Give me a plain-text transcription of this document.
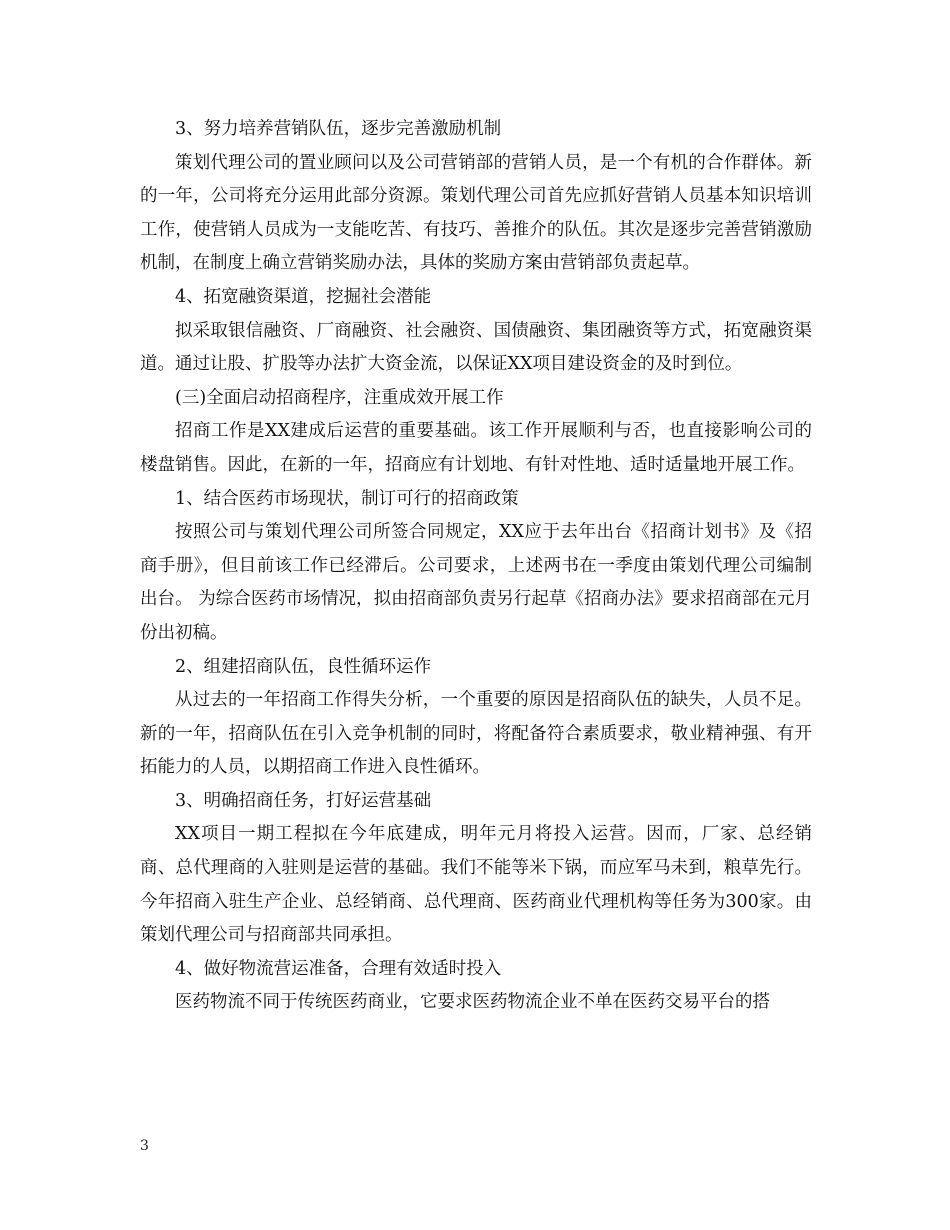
3、努力培养营销队伍，逐步完善激励机制

策划代理公司的置业顾问以及公司营销部的营销人员，是一个有机的合作群体。新的一年，公司将充分运用此部分资源。策划代理公司首先应抓好营销人员基本知识培训工作，使营销人员成为一支能吃苦、有技巧、善推介的队伍。其次是逐步完善营销激励机制，在制度上确立营销奖励办法，具体的奖励方案由营销部负责起草。

4、拓宽融资渠道，挖掘社会潜能

拟采取银信融资、厂商融资、社会融资、国债融资、集团融资等方式，拓宽融资渠道。通过让股、扩股等办法扩大资金流，以保证XX项目建设资金的及时到位。

(三)全面启动招商程序，注重成效开展工作

招商工作是XX建成后运营的重要基础。该工作开展顺利与否，也直接影响公司的楼盘销售。因此，在新的一年，招商应有计划地、有针对性地、适时适量地开展工作。

1、结合医药市场现状，制订可行的招商政策

按照公司与策划代理公司所签合同规定，XX应于去年出台《招商计划书》及《招商手册》，但目前该工作已经滞后。公司要求，上述两书在一季度由策划代理公司编制出台。 为综合医药市场情况，拟由招商部负责另行起草《招商办法》要求招商部在元月份出初稿。

2、组建招商队伍，良性循环运作

从过去的一年招商工作得失分析，一个重要的原因是招商队伍的缺失，人员不足。新的一年，招商队伍在引入竞争机制的同时，将配备符合素质要求，敬业精神强、有开拓能力的人员，以期招商工作进入良性循环。

3、明确招商任务，打好运营基础

XX项目一期工程拟在今年底建成，明年元月将投入运营。因而，厂家、总经销商、总代理商的入驻则是运营的基础。我们不能等米下锅，而应军马未到，粮草先行。今年招商入驻生产企业、总经销商、总代理商、医药商业代理机构等任务为300家。由策划代理公司与招商部共同承担。

4、做好物流营运准备，合理有效适时投入

医药物流不同于传统医药商业，它要求医药物流企业不单在医药交易平台的搭

3
